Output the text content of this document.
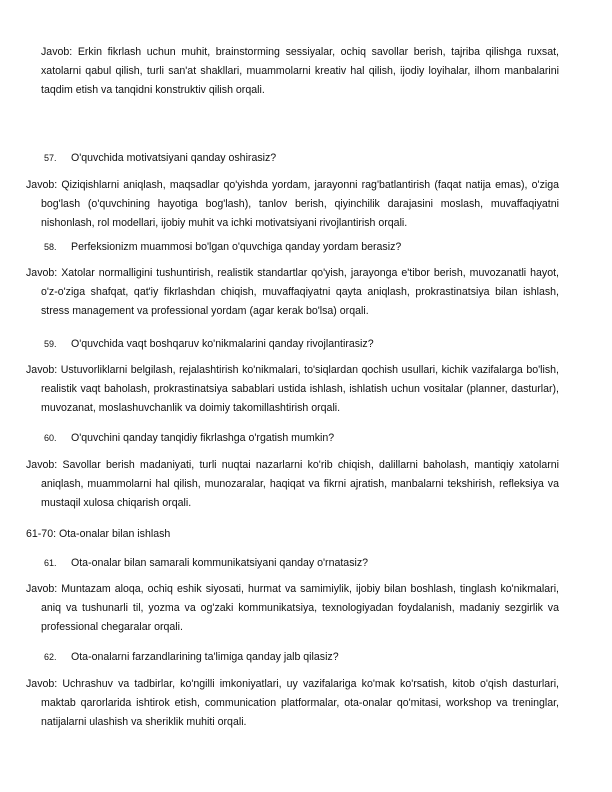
Javob: Erkin fikrlash uchun muhit, brainstorming sessiyalar, ochiq savollar berish, tajriba qilishga ruxsat, xatolarni qabul qilish, turli san'at shakllari, muammolarni kreativ hal qilish, ijodiy loyihalar, ilhom manbalarini taqdim etish va tanqidni konstruktiv qilish orqali.

57. O'quvchida motivatsiyani qanday oshirasiz?

Javob: Qiziqishlarni aniqlash, maqsadlar qo'yishda yordam, jarayonni rag'batlantirish (faqat natija emas), o'ziga bog'lash (o'quvchining hayotiga bog'lash), tanlov berish, qiyinchilik darajasini moslash, muvaffaqiyatni nishonlash, rol modellari, ijobiy muhit va ichki motivatsiyani rivojlantirish orqali.

58. Perfeksionizm muammosi bo'lgan o'quvchiga qanday yordam berasiz?

Javob: Xatolar normalligini tushuntirish, realistik standartlar qo'yish, jarayonga e'tibor berish, muvozanatli hayot, o'z-o'ziga shafqat, qat'iy fikrlashdan chiqish, muvaffaqiyatni qayta aniqlash, prokrastinatsiya bilan ishlash, stress management va professional yordam (agar kerak bo'lsa) orqali.

59. O'quvchida vaqt boshqaruv ko'nikmalarini qanday rivojlantirasiz?

Javob: Ustuvorliklarni belgilash, rejalashtirish ko'nikmalari, to'siqlardan qochish usullari, kichik vazifalarga bo'lish, realistik vaqt baholash, prokrastinatsiya sabablari ustida ishlash, ishlatish uchun vositalar (planner, dasturlar), muvozanat, moslashuvchanlik va doimiy takomillashtirish orqali.

60. O'quvchini qanday tanqidiy fikrlashga o'rgatish mumkin?

Javob: Savollar berish madaniyati, turli nuqtai nazarlarni ko'rib chiqish, dalillarni baholash, mantiqiy xatolarni aniqlash, muammolarni hal qilish, munozaralar, haqiqat va fikrni ajratish, manbalarni tekshirish, refleksiya va mustaqil xulosa chiqarish orqali.

61-70: Ota-onalar bilan ishlash

61. Ota-onalar bilan samarali kommunikatsiyani qanday o'rnatasiz?

Javob: Muntazam aloqa, ochiq eshik siyosati, hurmat va samimiylik, ijobiy bilan boshlash, tinglash ko'nikmalari, aniq va tushunarli til, yozma va og'zaki kommunikatsiya, texnologiyadan foydalanish, madaniy sezgirlik va professional chegaralar orqali.

62. Ota-onalarni farzandlarining ta'limiga qanday jalb qilasiz?

Javob: Uchrashuv va tadbirlar, ko'ngilli imkoniyatlari, uy vazifalariga ko'mak ko'rsatish, kitob o'qish dasturlari, maktab qarorlarida ishtirok etish, communication platformalar, ota-onalar qo'mitasi, workshop va treninglar, natijalarni ulashish va sheriklik muhiti orqali.
